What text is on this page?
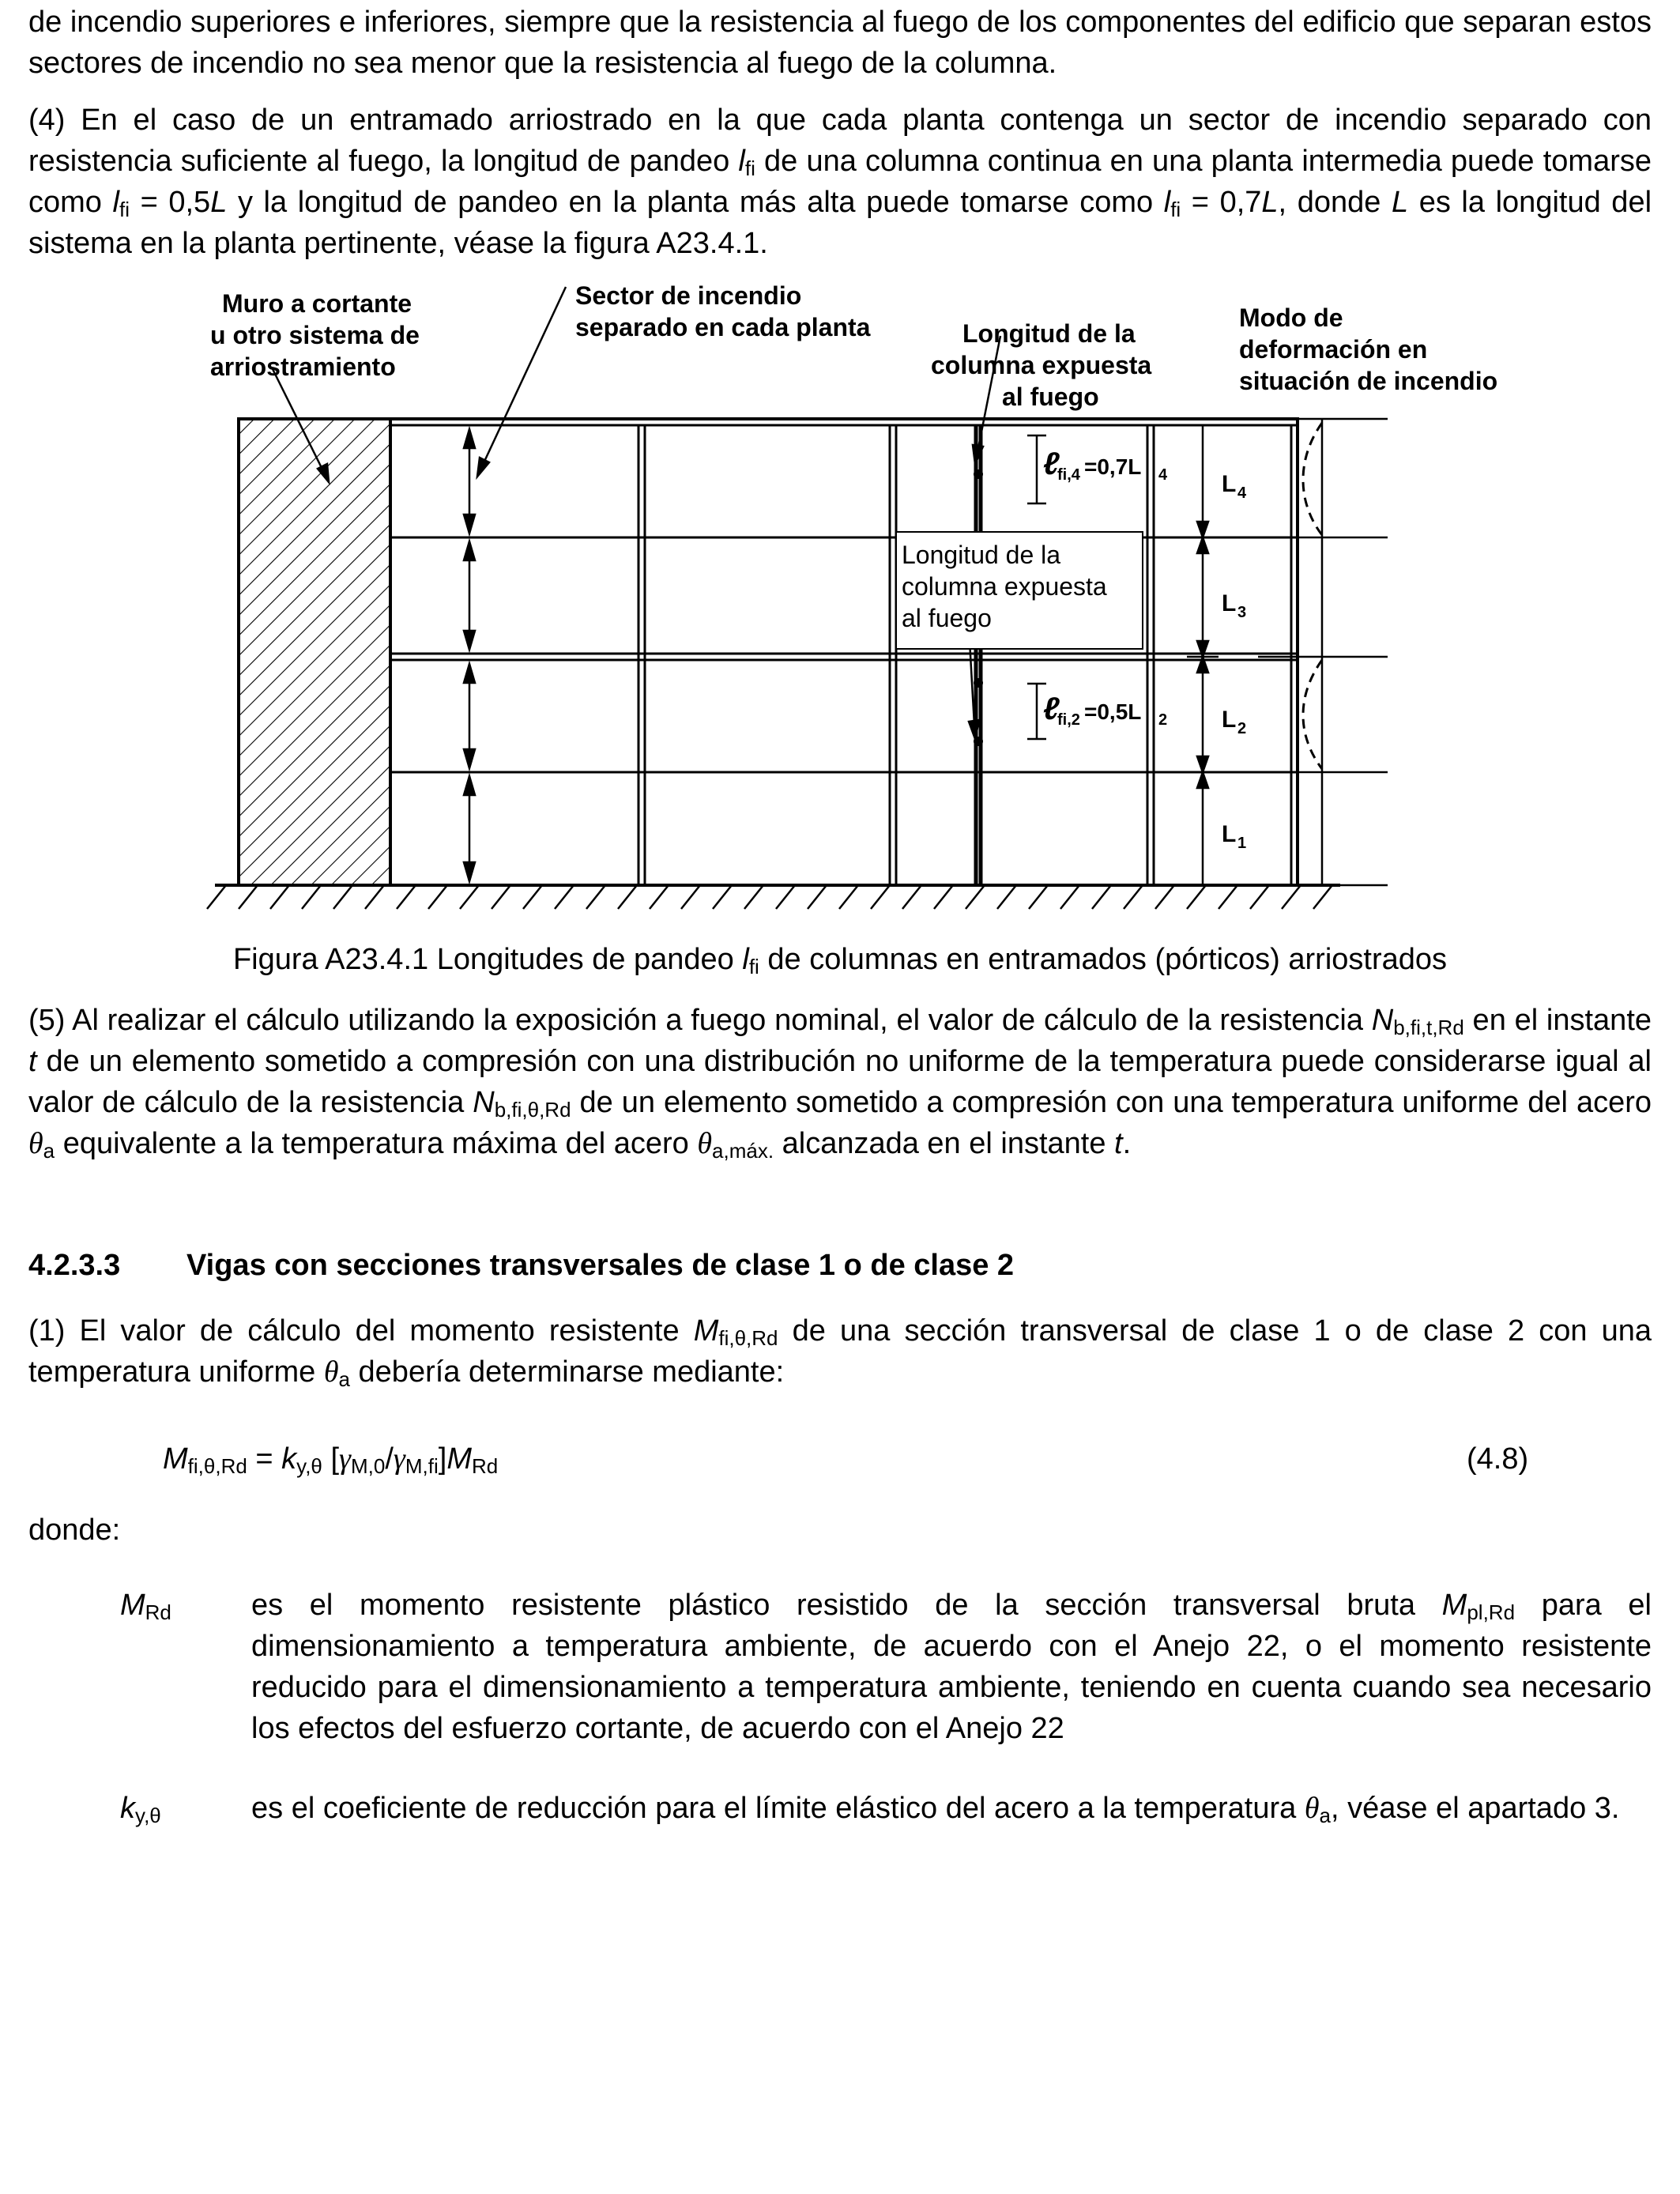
de incendio superiores e inferiores, siempre que la resistencia al fuego de los componentes del edificio que separan estos sectores de incendio no sea menor que la resistencia al fuego de la columna.

(4) En el caso de un entramado arriostrado en la que cada planta contenga un sector de incendio separado con resistencia suficiente al fuego, la longitud de pandeo $l_{fi}$ de una columna continua en una planta intermedia puede tomarse como $l_{fi} = 0,5L$ y la longitud de pandeo en la planta más alta puede tomarse como $l_{fi} = 0,7L$, donde L es la longitud del sistema en la planta pertinente, véase la figura A23.4.1.

Muro a cortante
u otro sistema de
arriostramiento
Sector de incendio
separado en cada planta	Longitud de la
columna expuesta
al fuego
Modo de
deformación en
situación de incendio
Longitud de la
columna expuesta
al fuego
ℓ
fi,4 =0,7L 4
ℓ
fi,2 =0,5L 2
L 4
L 3
L 2
L 1
Figura A23.4.1 Longitudes de pandeo $l_{fi}$ de columnas en entramados (pórticos) arriostrados

(5) Al realizar el cálculo utilizando la exposición a fuego nominal, el valor de cálculo de la resistencia $N_{b,fi,t,Rd}$ en el instante t de un elemento sometido a compresión con una distribución no uniforme de la temperatura puede considerarse igual al valor de cálculo de la resistencia $N_{b,fi,\theta,Rd}$ de un elemento sometido a compresión con una temperatura uniforme del acero $\theta_a$ equivalente a la temperatura máxima del acero $\theta_{a,máx.}$ alcanzada en el instante t.

4.2.3.3 Vigas con secciones transversales de clase 1 o de clase 2

(1) El valor de cálculo del momento resistente $M_{fi,\theta,Rd}$ de una sección transversal de clase 1 o de clase 2 con una temperatura uniforme $\theta_a$ debería determinarse mediante:

$M_{fi,\theta,Rd} = k_{y,\theta}$ $[\gamma_{M,0}/\gamma_{M,fi}]M_{Rd}$	(4.8)
donde:
$M_{Rd}$	es el momento resistente plástico resistido de la sección transversal bruta $M_{pl,Rd}$ para el dimensionamiento a temperatura ambiente, de acuerdo con el Anejo 22, o el momento resistente reducido para el dimensionamiento a temperatura ambiente, teniendo en cuenta cuando sea necesario los efectos del esfuerzo cortante, de acuerdo con el Anejo 22
$k_{y,\theta}$	es el coeficiente de reducción para el límite elástico del acero a la temperatura $\theta_a$, véase el apartado 3.
